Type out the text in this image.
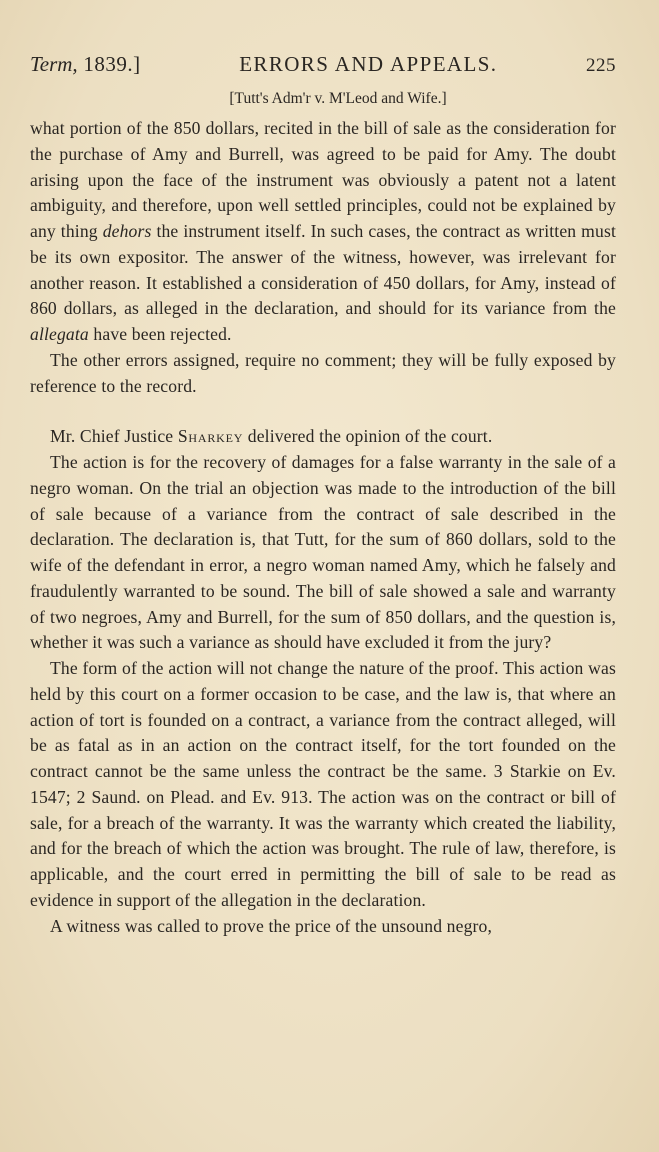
Term, 1839.]	ERRORS AND APPEALS.	225
[Tutt's Adm'r v. M'Leod and Wife.]

what portion of the 850 dollars, recited in the bill of sale as the consideration for the purchase of Amy and Burrell, was agreed to be paid for Amy. The doubt arising upon the face of the instrument was obviously a patent not a latent ambiguity, and therefore, upon well settled principles, could not be explained by any thing dehors the instrument itself. In such cases, the contract as written must be its own expositor. The answer of the witness, however, was irrelevant for another reason. It established a consideration of 450 dollars, for Amy, instead of 860 dollars, as alleged in the declaration, and should for its variance from the allegata have been rejected.

The other errors assigned, require no comment; they will be fully exposed by reference to the record.

Mr. Chief Justice Sharkey delivered the opinion of the court.

The action is for the recovery of damages for a false warranty in the sale of a negro woman. On the trial an objection was made to the introduction of the bill of sale because of a variance from the contract of sale described in the declaration. The declaration is, that Tutt, for the sum of 860 dollars, sold to the wife of the defendant in error, a negro woman named Amy, which he falsely and fraudulently warranted to be sound. The bill of sale showed a sale and warranty of two negroes, Amy and Burrell, for the sum of 850 dollars, and the question is, whether it was such a variance as should have excluded it from the jury?

The form of the action will not change the nature of the proof. This action was held by this court on a former occasion to be case, and the law is, that where an action of tort is founded on a contract, a variance from the contract alleged, will be as fatal as in an action on the contract itself, for the tort founded on the contract cannot be the same unless the contract be the same. 3 Starkie on Ev. 1547; 2 Saund. on Plead. and Ev. 913. The action was on the contract or bill of sale, for a breach of the warranty. It was the warranty which created the liability, and for the breach of which the action was brought. The rule of law, therefore, is applicable, and the court erred in permitting the bill of sale to be read as evidence in support of the allegation in the declaration.

A witness was called to prove the price of the unsound negro,
